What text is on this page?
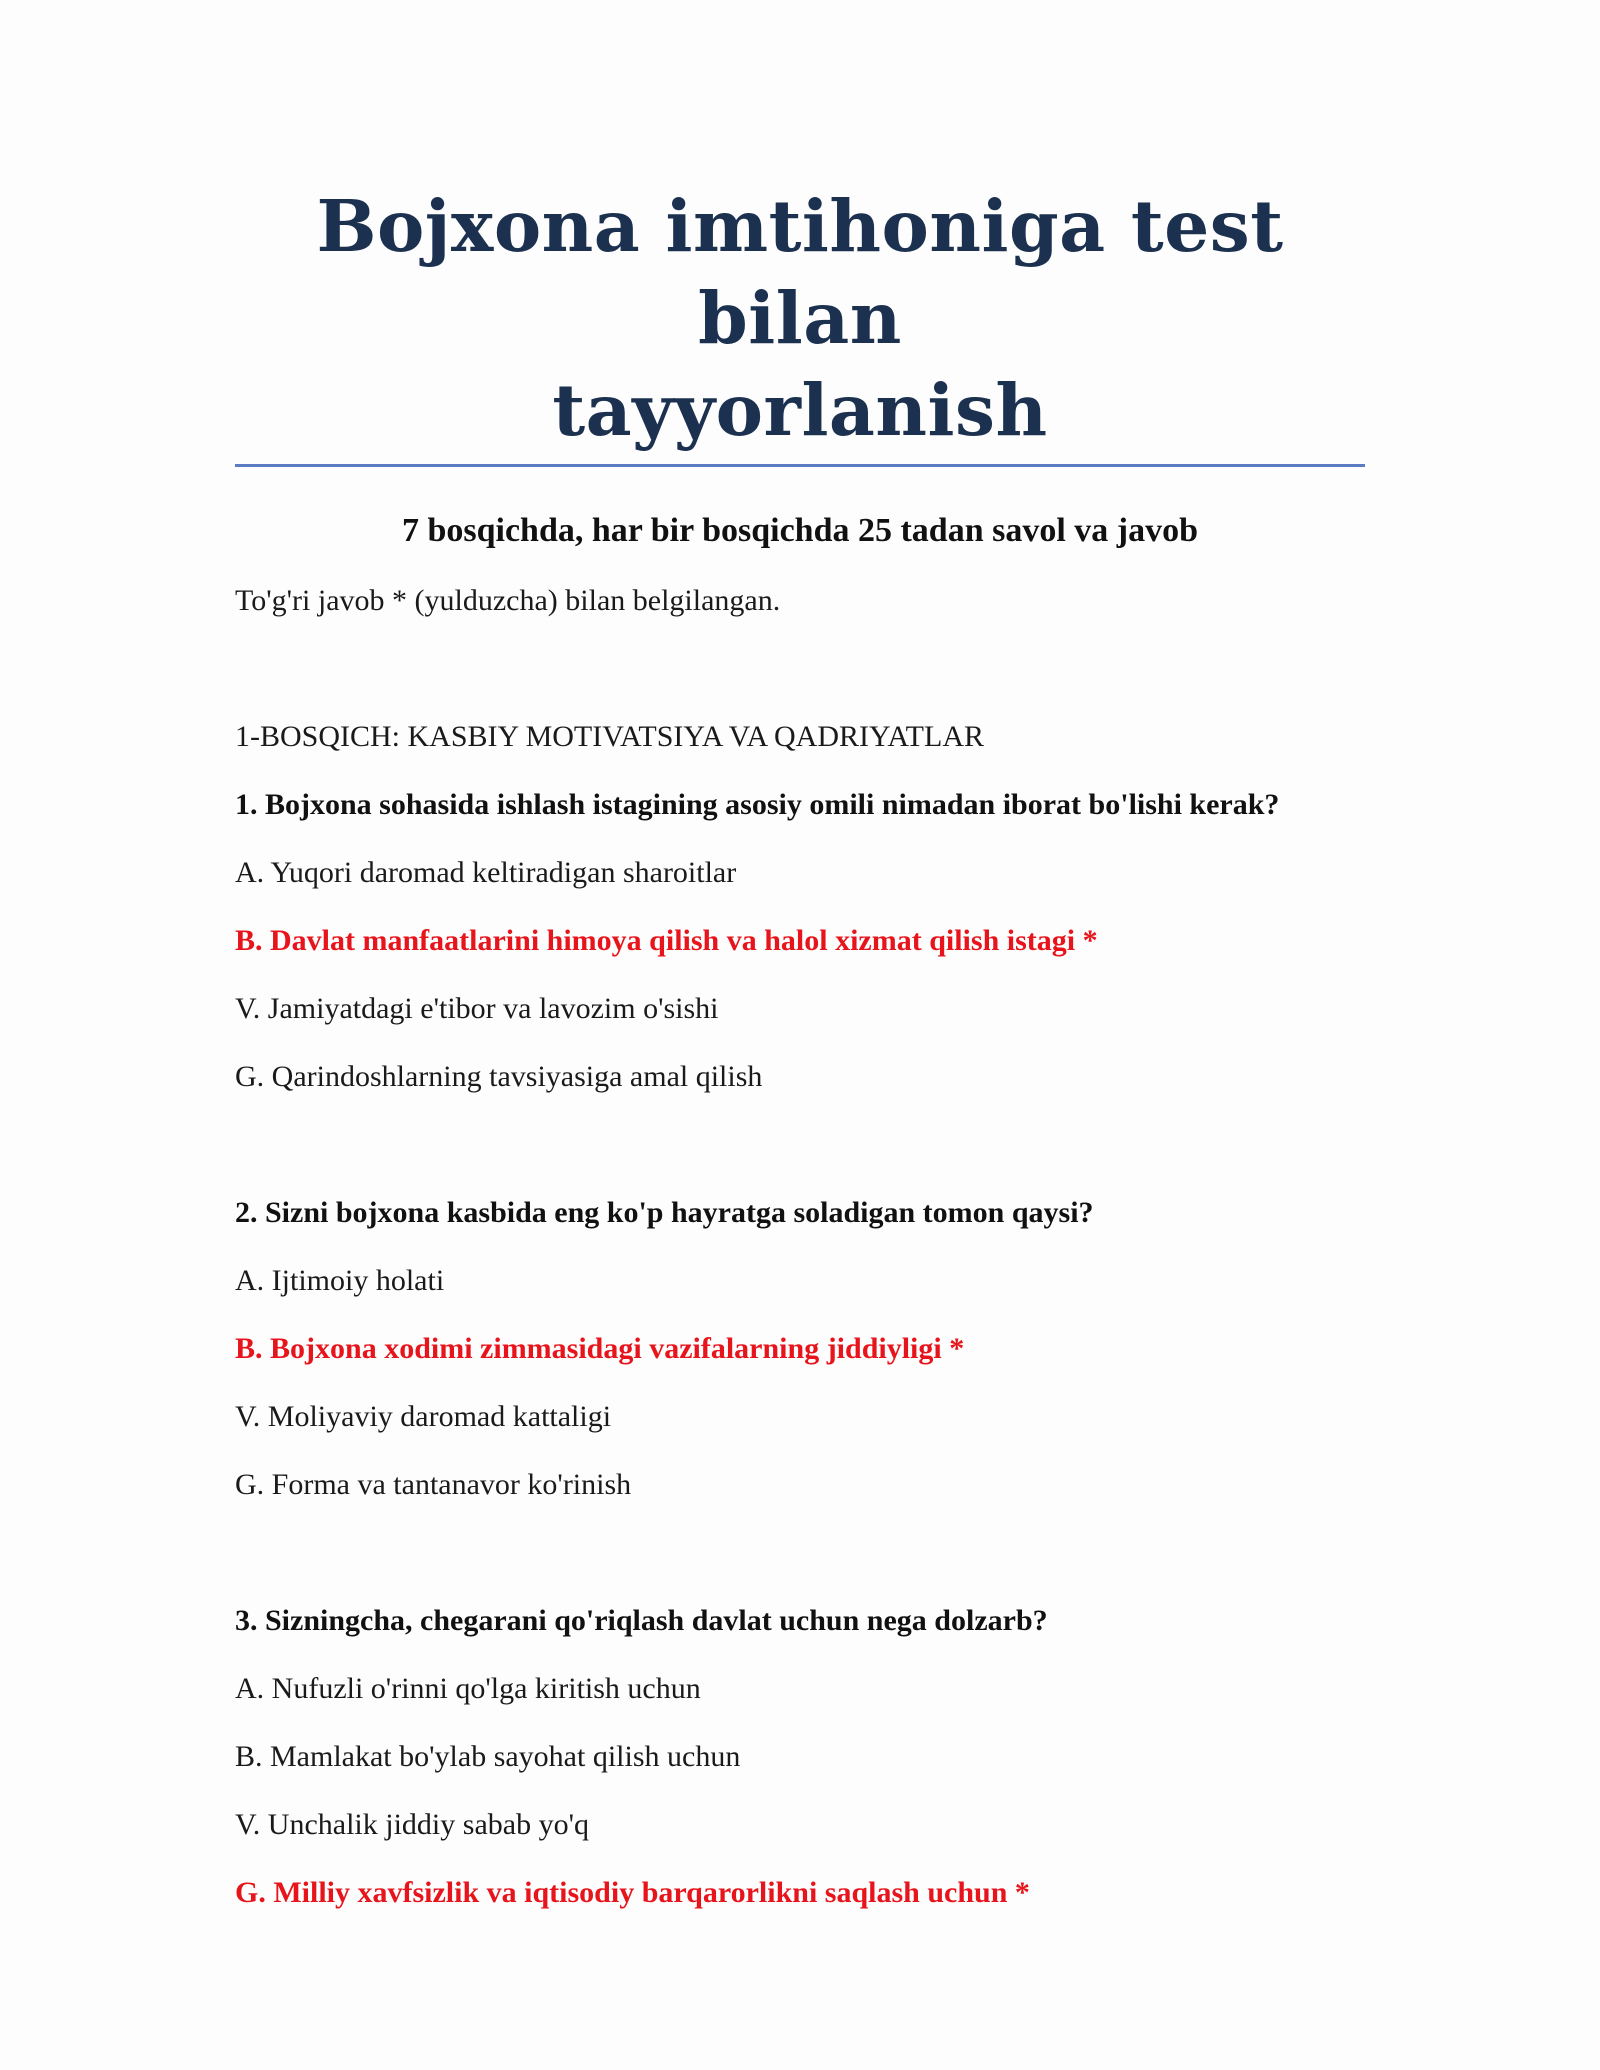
Bojxona imtihoniga test bilan
tayyorlanish

7 bosqichda, har bir bosqichda 25 tadan savol va javob

To'g'ri javob * (yulduzcha) bilan belgilangan.

1-BOSQICH: KASBIY MOTIVATSIYA VA QADRIYATLAR

1. Bojxona sohasida ishlash istagining asosiy omili nimadan iborat bo'lishi kerak?

A. Yuqori daromad keltiradigan sharoitlar

B. Davlat manfaatlarini himoya qilish va halol xizmat qilish istagi *

V. Jamiyatdagi e'tibor va lavozim o'sishi

G. Qarindoshlarning tavsiyasiga amal qilish

2. Sizni bojxona kasbida eng ko'p hayratga soladigan tomon qaysi?

A. Ijtimoiy holati

B. Bojxona xodimi zimmasidagi vazifalarning jiddiyligi *

V. Moliyaviy daromad kattaligi

G. Forma va tantanavor ko'rinish

3. Sizningcha, chegarani qo'riqlash davlat uchun nega dolzarb?

A. Nufuzli o'rinni qo'lga kiritish uchun

B. Mamlakat bo'ylab sayohat qilish uchun

V. Unchalik jiddiy sabab yo'q

G. Milliy xavfsizlik va iqtisodiy barqarorlikni saqlash uchun *
